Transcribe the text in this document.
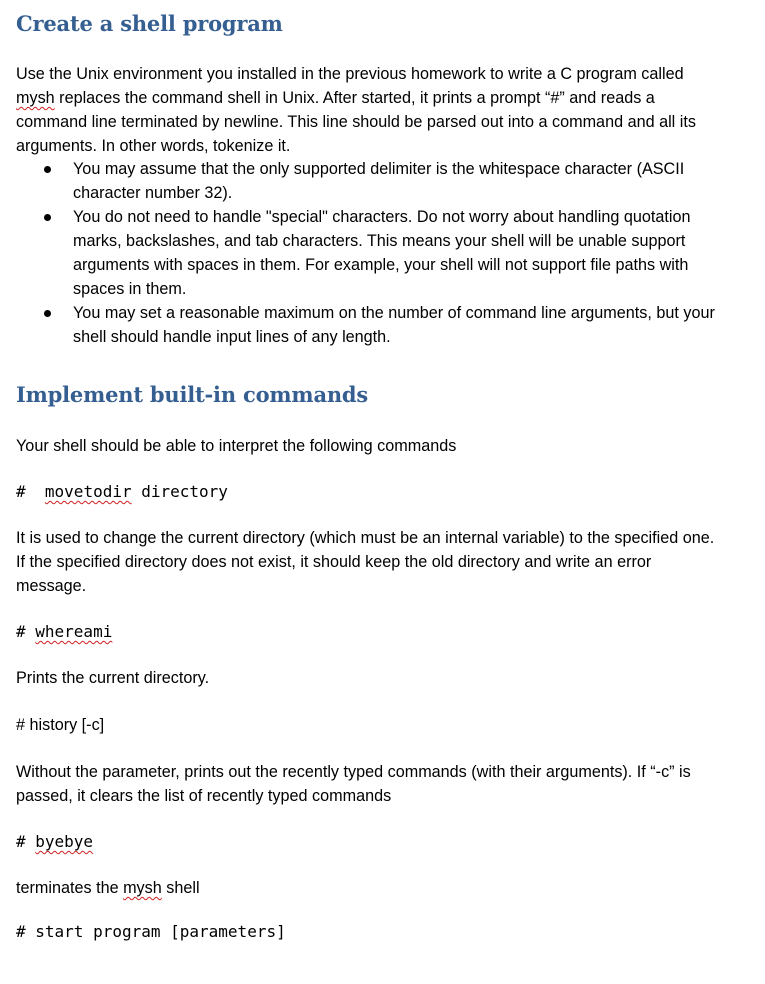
Create a shell program

Use the Unix environment you installed in the previous homework to write a C program called mysh replaces the command shell in Unix. After started, it prints a prompt “#” and reads a command line terminated by newline. This line should be parsed out into a command and all its arguments. In other words, tokenize it.

You may assume that the only supported delimiter is the whitespace character (ASCII character number 32).
You do not need to handle "special" characters. Do not worry about handling quotation marks, backslashes, and tab characters. This means your shell will be unable support arguments with spaces in them. For example, your shell will not support file paths with spaces in them.
You may set a reasonable maximum on the number of command line arguments, but your shell should handle input lines of any length.
Implement built-in commands

Your shell should be able to interpret the following commands

#  movetodir directory

It is used to change the current directory (which must be an internal variable) to the specified one. If the specified directory does not exist, it should keep the old directory and write an error message.

# whereami

Prints the current directory.

# history [-c]

Without the parameter, prints out the recently typed commands (with their arguments). If “-c” is passed, it clears the list of recently typed commands

# byebye

terminates the mysh shell

# start program [parameters]
